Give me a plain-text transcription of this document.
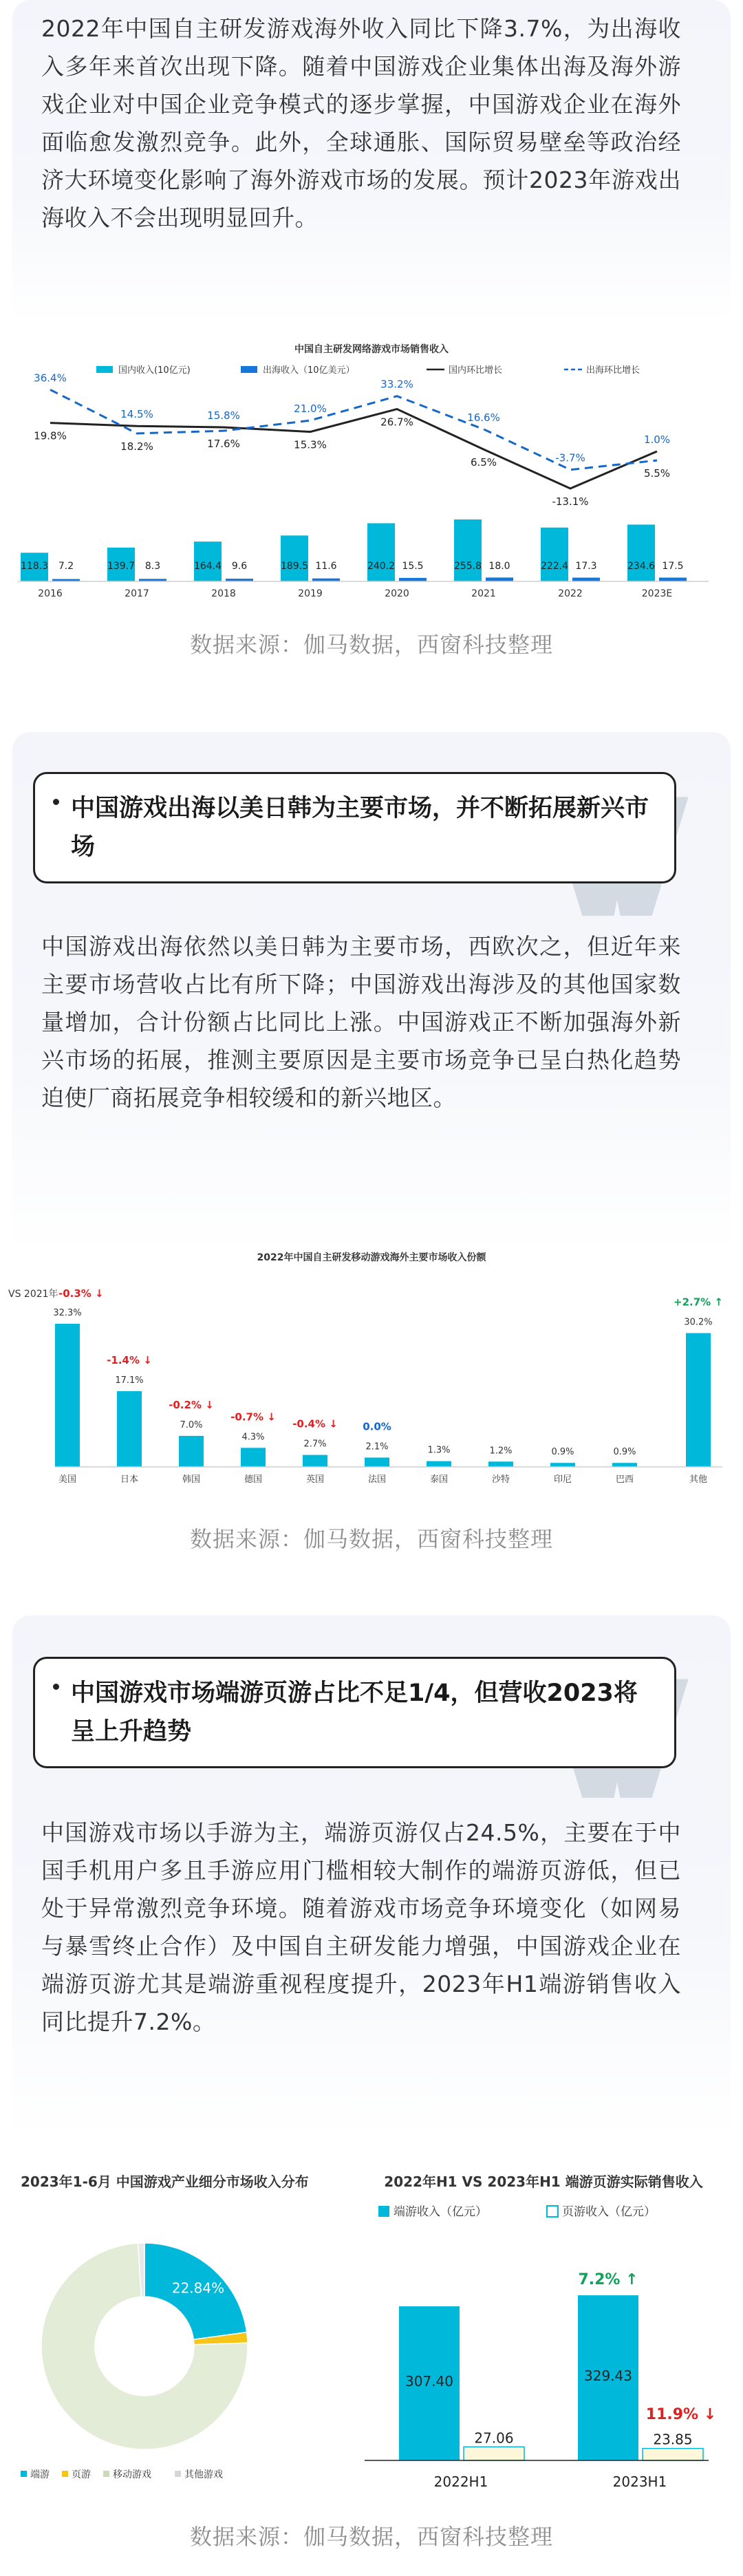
2022年中国自主研发游戏海外收入同比下降3.7%，为出海收入多年来首次出现下降。随着中国游戏企业集体出海及海外游戏企业对中国企业竞争模式的逐步掌握，中国游戏企业在海外面临愈发激烈竞争。此外，全球通胀、国际贸易壁垒等政治经济大环境变化影响了海外游戏市场的发展。预计2023年游戏出海收入不会出现明显回升。

中国自主研发网络游戏市场销售收入
国内收入(10亿元)	出海收入（10亿美元）	国内环比增长	出海环比增长
118.3 7.2	139.7 8.3	164.4 9.6	189.5 11.6	240.2 15.5	255.8 18.0	222.4 17.3	234.6 17.5
36.4%
19.8%
14.5%
18.2%
15.8%
17.6%
21.0%
15.3%
33.2%
26.7%	16.6%
6.5%	-3.7%
-13.1%
1.0%
5.5%
2016	2017	2018	2019	2020	2021	2022	2023E
数据来源：伽马数据，西窗科技整理
中国游戏出海以美日韩为主要市场，并不断拓展新兴市场

中国游戏出海依然以美日韩为主要市场，西欧次之，但近年来主要市场营收占比有所下降；中国游戏出海涉及的其他国家数量增加，合计份额占比同比上涨。中国游戏正不断加强海外新兴市场的拓展，推测主要原因是主要市场竞争已呈白热化趋势迫使厂商拓展竞争相较缓和的新兴地区。

2022年中国自主研发移动游戏海外主要市场收入份额
VS 2021年
32.3%
美国
-0.3% ↓
17.1%
日本
-1.4% ↓
7.0%
韩国
-0.2% ↓
4.3%
德国
-0.7% ↓
2.7%
英国
-0.4% ↓
2.1%
法国
0.0%
1.3%
泰国
1.2%
沙特
0.9%
印尼
0.9%
巴西
30.2%
其他
+2.7% ↑
数据来源：伽马数据，西窗科技整理
中国游戏市场端游页游占比不足1/4，但营收2023将呈上升趋势

中国游戏市场以手游为主，端游页游仅占24.5%，主要在于中国手机用户多且手游应用门槛相较大制作的端游页游低，但已处于异常激烈竞争环境。随着游戏市场竞争环境变化（如网易与暴雪终止合作）及中国自主研发能力增强，中国游戏企业在端游页游尤其是端游重视程度提升，2023年H1端游销售收入同比提升7.2%。

2023年1-6月 中国游戏产业细分市场收入分布
22.84%
端游 页游 移动游戏	其他游戏
2022年H1 VS 2023年H1 端游页游实际销售收入
端游收入（亿元）	页游收入（亿元）
307.40
27.06
329.43
23.85
7.2% ↑
11.9% ↓
2022H1	2023H1
数据来源：伽马数据，西窗科技整理
